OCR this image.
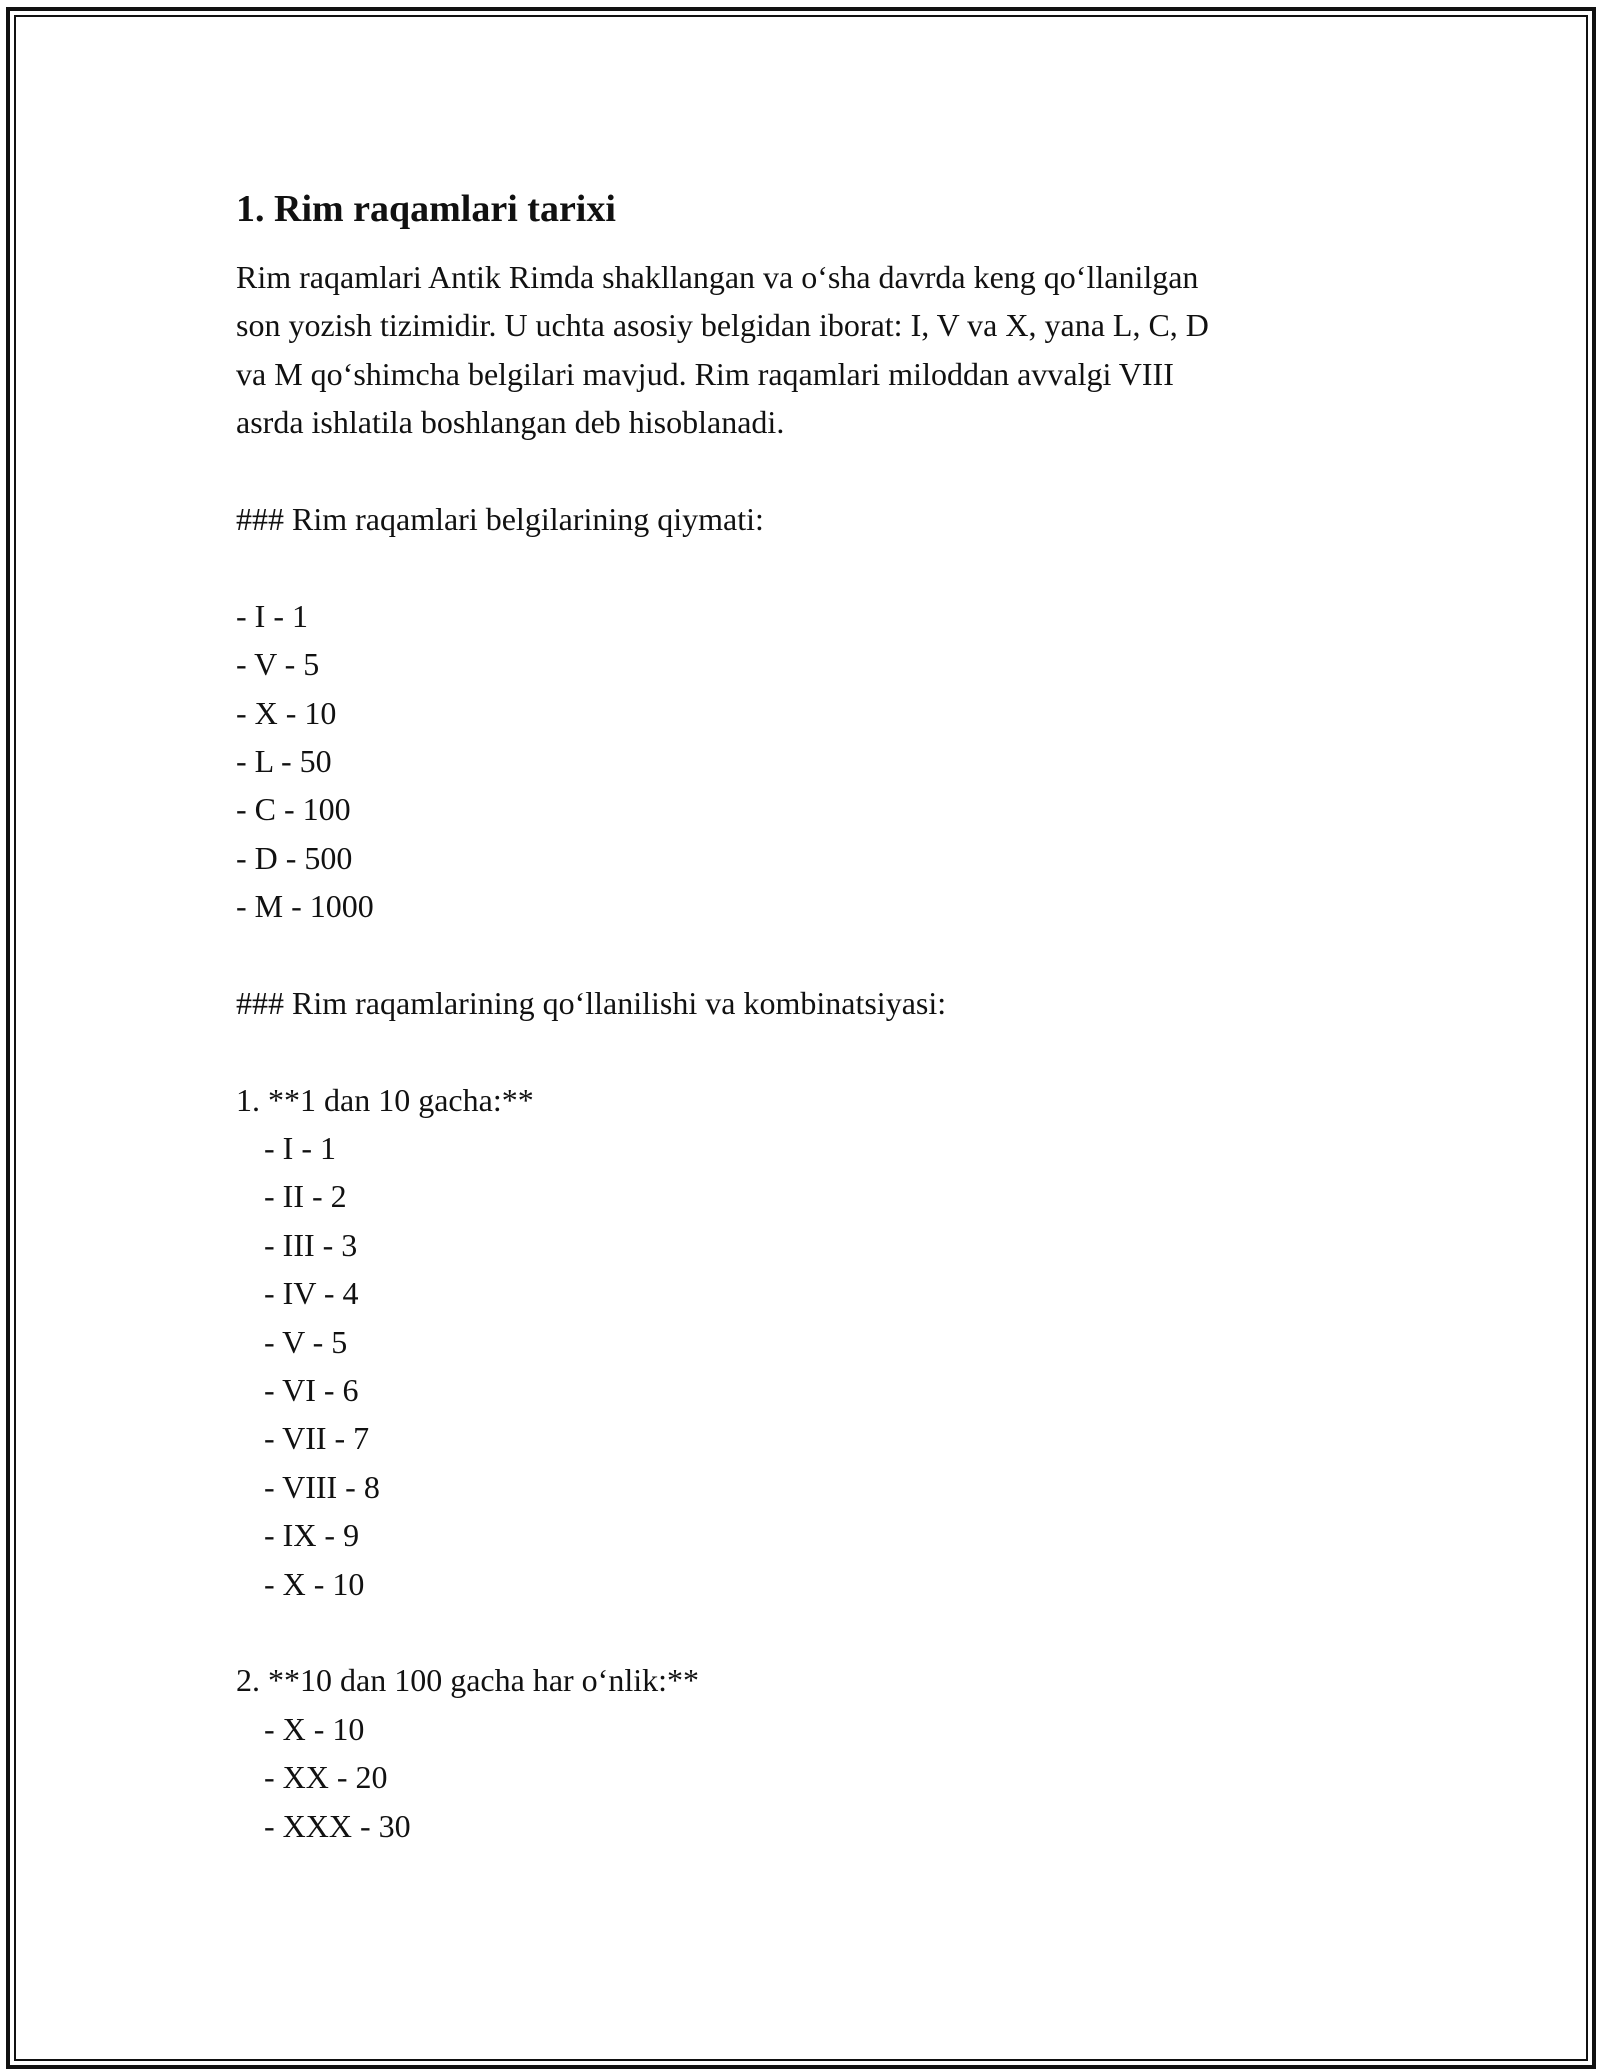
1. Rim raqamlari tarixi

Rim raqamlari Antik Rimda shakllangan va o‘sha davrda keng qo‘llanilgan
son yozish tizimidir. U uchta asosiy belgidan iborat: I, V va X, yana L, C, D
va M qo‘shimcha belgilari mavjud. Rim raqamlari miloddan avvalgi VIII
asrda ishlatila boshlangan deb hisoblanadi.

### Rim raqamlari belgilarining qiymati:
- I - 1
- V - 5
- X - 10
- L - 50
- C - 100
- D - 500
- M - 1000
### Rim raqamlarining qo‘llanilishi va kombinatsiyasi:
1. **1 dan 10 gacha:**
- I - 1
- II - 2
- III - 3
- IV - 4
- V - 5
- VI - 6
- VII - 7
- VIII - 8
- IX - 9
- X - 10
2. **10 dan 100 gacha har o‘nlik:**
- X - 10
- XX - 20
- XXX - 30
